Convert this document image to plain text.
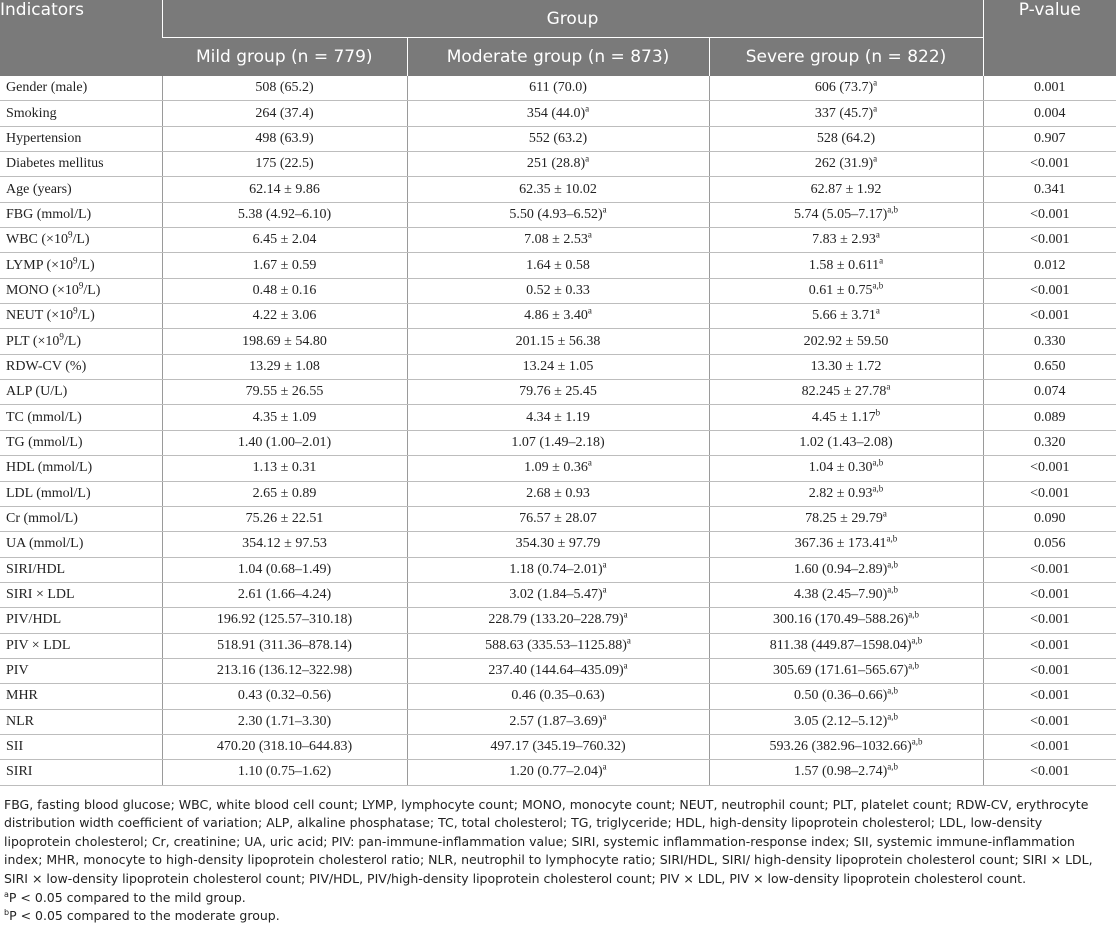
Indicators	Group			P-value
	Mild group (n = 779)	Moderate group (n = 873)	Severe group (n = 822)	
Gender (male)	508 (65.2)	611 (70.0)	606 $(73.7)^a$	0.001
Smoking	264 (37.4)	354 $(44.0)^a$	337 $(45.7)^a$	0.004
Hypertension	498 (63.9)	552 (63.2)	528 (64.2)	0.907
Diabetes mellitus	175 (22.5)	251 $(28.8)^a$	262 $(31.9)^a$	<0.001
Age (years)	62.14 ± 9.86	62.35 ± 10.02	62.87 ± 1.92	0.341
FBG (mmol/L)	5.38 (4.92–6.10)	5.50 $(4.93-6.52)^a$	5.74 $(5.05-7.17)^{a,b}$	<0.001
WBC $(\times 10^9/L)$	6.45 ± 2.04	7.08 ± 2.53$^a$	7.83 ± 2.93$^a$	<0.001
LYMP $(\times 10^9/L)$	1.67 ± 0.59	1.64 ± 0.58	1.58 ± 0.611$^a$	0.012
MONO $(\times 10^9/L)$	0.48 ± 0.16	0.52 ± 0.33	$0.61 \pm 0.75^{a,b}$	<0.001
NEUT $(\times 10^9/L)$	4.22 ± 3.06	4.86 ± 3.40$^a$	5.66 ± 3.71$^a$	<0.001
PLT $(\times 10^9/L)$	198.69 ± 54.80	201.15 ± 56.38	202.92 ± 59.50	0.330
RDW-CV (%)	13.29 ± 1.08	13.24 ± 1.05	13.30 ± 1.72	0.650
ALP (U/L)	79.55 ± 26.55	79.76 ± 25.45	82.245 ± 27.78$^a$	0.074
TC (mmol/L)	4.35 ± 1.09	4.34 ± 1.19	4.45 ± 1.17$^b$	0.089
TG (mmol/L)	1.40 (1.00–2.01)	1.07 (1.49–2.18)	1.02 (1.43–2.08)	0.320
HDL (mmol/L)	1.13 ± 0.31	1.09 ± 0.36$^a$	$1.04 \pm 0.30^{a,b}$	<0.001
LDL (mmol/L)	2.65 ± 0.89	2.68 ± 0.93	$2.82 \pm 0.93^{a,b}$	<0.001
Cr (mmol/L)	75.26 ± 22.51	76.57 ± 28.07	78.25 ± 29.79$^a$	0.090
UA (mmol/L)	354.12 ± 97.53	354.30 ± 97.79	$367.36 \pm 173.41^{a,b}$	0.056
SIRI/HDL	1.04 (0.68–1.49)	1.18 $(0.74-2.01)^a$	1.60 $(0.94-2.89)^{a,b}$	<0.001
SIRI × LDL	2.61 (1.66–4.24)	3.02 $(1.84-5.47)^a$	4.38 $(2.45-7.90)^{a,b}$	<0.001
PIV/HDL	196.92 (125.57–310.18)	228.79 $(133.20-228.79)^a$	300.16 $(170.49-588.26)^{a,b}$	<0.001
PIV × LDL	518.91 (311.36–878.14)	588.63 $(335.53-1125.88)^a$	811.38 $(449.87-1598.04)^{a,b}$	<0.001
PIV	213.16 (136.12–322.98)	237.40 $(144.64-435.09)^a$	305.69 $(171.61-565.67)^{a,b}$	<0.001
MHR	0.43 (0.32–0.56)	0.46 (0.35–0.63)	0.50 $(0.36-0.66)^{a,b}$	<0.001
NLR	2.30 (1.71–3.30)	2.57 $(1.87-3.69)^a$	3.05 $(2.12-5.12)^{a,b}$	<0.001
SII	470.20 (318.10–644.83)	497.17 (345.19–760.32)	593.26 $(382.96-1032.66)^{a,b}$	<0.001
SIRI	1.10 (0.75–1.62)	1.20 $(0.77-2.04)^a$	1.57 $(0.98-2.74)^{a,b}$	<0.001

FBG, fasting blood glucose; WBC, white blood cell count; LYMP, lymphocyte count; MONO, monocyte count; NEUT, neutrophil count; PLT, platelet count; RDW-CV, erythrocyte distribution width coefficient of variation; ALP, alkaline phosphatase; TC, total cholesterol; TG, triglyceride; HDL, high-density lipoprotein cholesterol; LDL, low-density lipoprotein cholesterol; Cr, creatinine; UA, uric acid; PIV: pan-immune-inflammation value; SIRI, systemic inflammation-response index; SII, systemic immune-inflammation index; MHR, monocyte to high-density lipoprotein cholesterol ratio; NLR, neutrophil to lymphocyte ratio; SIRI/HDL, SIRI/ high-density lipoprotein cholesterol count; SIRI × LDL, SIRI × low-density lipoprotein cholesterol count; PIV/HDL, PIV/high-density lipoprotein cholesterol count; PIV × LDL, PIV × low-density lipoprotein cholesterol count.

$^a$P < 0.05 compared to the mild group.

$^b$P < 0.05 compared to the moderate group.
